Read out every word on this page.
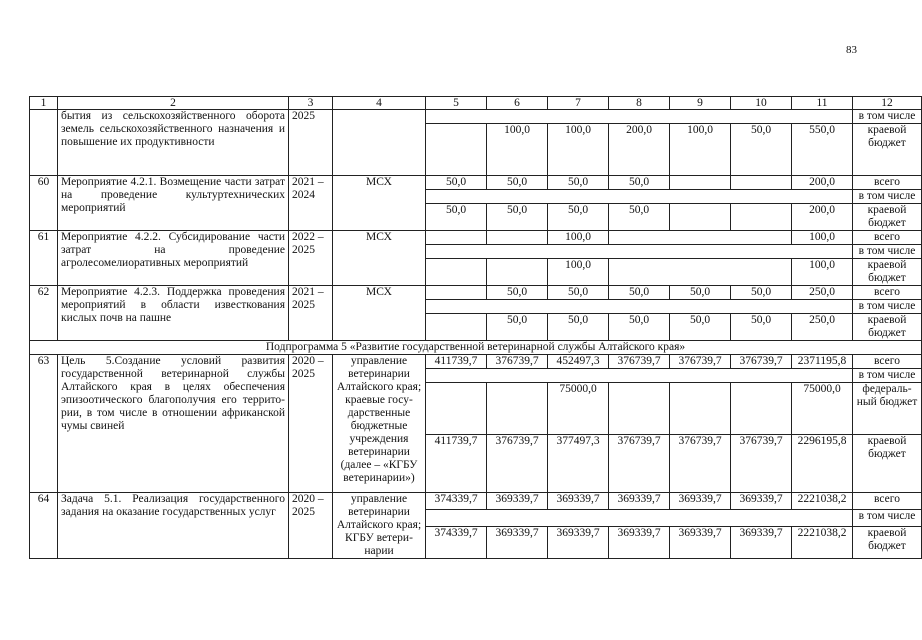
83
1	2	3	4	5	6	7	8	9	10	11	12
	бытия из сельскохозяйственного оборота земель сельскохозяйственного назначения и повышение их продуктивности	2025									в том числе
					100,0	100,0	200,0	100,0	50,0	550,0	краевой бюджет
60	Мероприятие 4.2.1. Возмещение части затрат на проведение культуртехнических мероприятий	2021 – 2024	МСХ	50,0	50,0	50,0	50,0			200,0	всего
											в том числе
				50,0	50,0	50,0	50,0			200,0	краевой бюджет
61	Мероприятие 4.2.2. Субсидирование части затрат на проведение агролесомелиоративных мероприятий	2022 – 2025	МСХ			100,0				100,0	всего
											в том числе
						100,0				100,0	краевой бюджет
62	Мероприятие 4.2.3. Поддержка проведения мероприятий в области известкования кислых почв на пашне	2021 – 2025	МСХ		50,0	50,0	50,0	50,0	50,0	250,0	всего
											в том числе
					50,0	50,0	50,0	50,0	50,0	250,0	краевой бюджет
Подпрограмма 5 «Развитие государственной ветеринарной службы Алтайского края»											
63	Цель 5.Создание условий развития государственной ветеринарной службы Алтайского края в целях обеспечения эпизоотического благополучия его территории, в том числе в отношении африканской чумы свиней	2020 – 2025	управление ветеринарии Алтайского края; краевые государственные бюджетные учреждения ветеринарии (далее – «КГБУ ветеринарии»)	411739,7	376739,7	452497,3	376739,7	376739,7	376739,7	2371195,8	всего
											в том числе
						75000,0				75000,0	федеральный бюджет
				411739,7	376739,7	377497,3	376739,7	376739,7	376739,7	2296195,8	краевой бюджет
64	Задача 5.1. Реализация государственного задания на оказание государственных услуг	2020 – 2025	управление ветеринарии Алтайского края; КГБУ ветеринарии	374339,7	369339,7	369339,7	369339,7	369339,7	369339,7	2221038,2	всего
											в том числе
				374339,7	369339,7	369339,7	369339,7	369339,7	369339,7	2221038,2	краевой бюджет
